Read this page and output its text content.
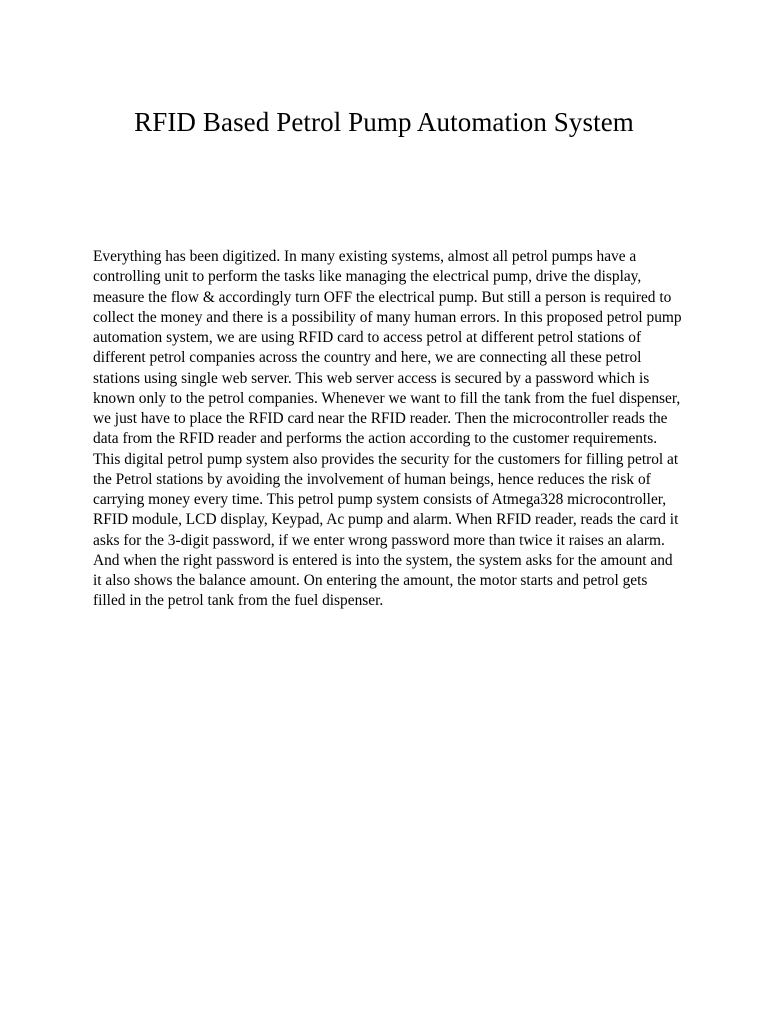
RFID Based Petrol Pump Automation System

Everything has been digitized. In many existing systems, almost all petrol pumps have a controlling unit to perform the tasks like managing the electrical pump, drive the display, measure the flow & accordingly turn OFF the electrical pump. But still a person is required to collect the money and there is a possibility of many human errors. In this proposed petrol pump automation system, we are using RFID card to access petrol at different petrol stations of different petrol companies across the country and here, we are connecting all these petrol stations using single web server. This web server access is secured by a password which is known only to the petrol companies. Whenever we want to fill the tank from the fuel dispenser, we just have to place the RFID card near the RFID reader. Then the microcontroller reads the data from the RFID reader and performs the action according to the customer requirements. This digital petrol pump system also provides the security for the customers for filling petrol at the Petrol stations by avoiding the involvement of human beings, hence reduces the risk of carrying money every time. This petrol pump system consists of Atmega328 microcontroller, RFID module, LCD display, Keypad, Ac pump and alarm. When RFID reader, reads the card it asks for the 3-digit password, if we enter wrong password more than twice it raises an alarm. And when the right password is entered is into the system, the system asks for the amount and it also shows the balance amount. On entering the amount, the motor starts and petrol gets filled in the petrol tank from the fuel dispenser.
